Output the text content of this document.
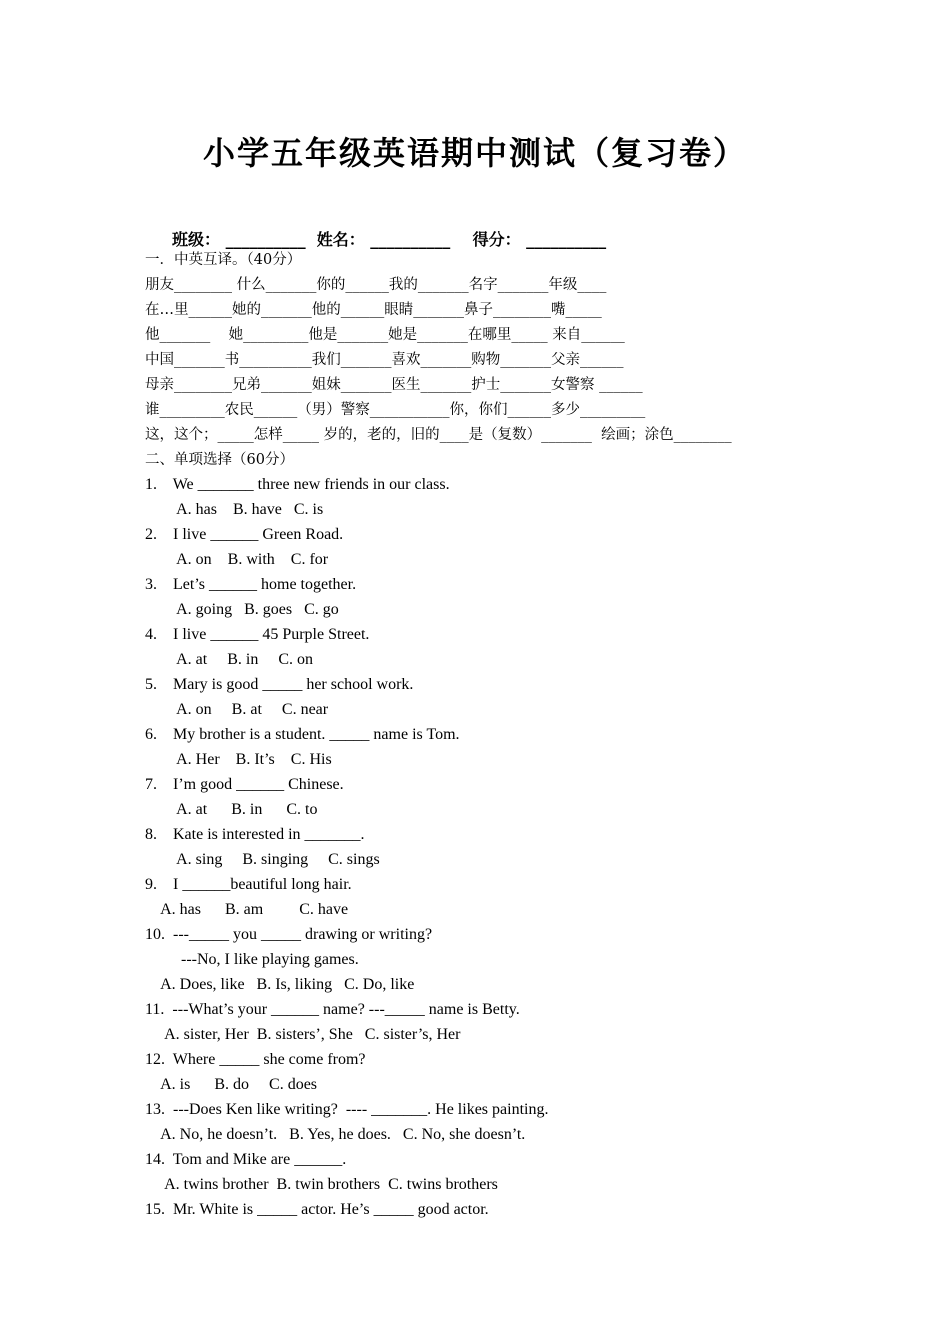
小学五年级英语期中测试（复习卷）
班级： __________  姓名： __________    得分： __________
一．中英互译。（40分）
朋友________ 什么_______你的______我的_______名字_______年级____
在…里______她的_______他的______眼睛_______鼻子________嘴_____
他_______    她_________他是_______她是_______在哪里_____ 来自______
中国_______书__________我们_______喜欢_______购物_______父亲______
母亲________兄弟_______姐妹_______医生_______护士_______女警察 ______
谁_________农民______（男）警察___________你，你们______多少_________
这，这个；_____怎样_____ 岁的，老的，旧的____是（复数）_______  绘画；涂色________
二、单项选择（60分）
1.    We _______ three new friends in our class.
A. has    B. have   C. is
2.    I live ______ Green Road.
A. on    B. with    C. for
3.    Let’s ______ home together.
A. going   B. goes   C. go
4.    I live ______ 45 Purple Street.
A. at     B. in     C. on
5.    Mary is good _____ her school work.
A. on     B. at     C. near
6.    My brother is a student. _____ name is Tom.
A. Her    B. It’s    C. His
7.    I’m good ______ Chinese.
A. at      B. in      C. to
8.    Kate is interested in _______.
A. sing     B. singing     C. sings
9.    I ______beautiful long hair.
A. has      B. am         C. have
10.  ---_____ you _____ drawing or writing?
---No, I like playing games.
A. Does, like   B. Is, liking   C. Do, like
11.  ---What’s your ______ name? ---_____ name is Betty.
A. sister, Her  B. sisters’, She   C. sister’s, Her
12.  Where _____ she come from?
A. is      B. do     C. does
13.  ---Does Ken like writing?  ---- _______. He likes painting.
A. No, he doesn’t.   B. Yes, he does.   C. No, she doesn’t.
14.  Tom and Mike are ______.
A. twins brother  B. twin brothers  C. twins brothers
15.  Mr. White is _____ actor. He’s _____ good actor.
